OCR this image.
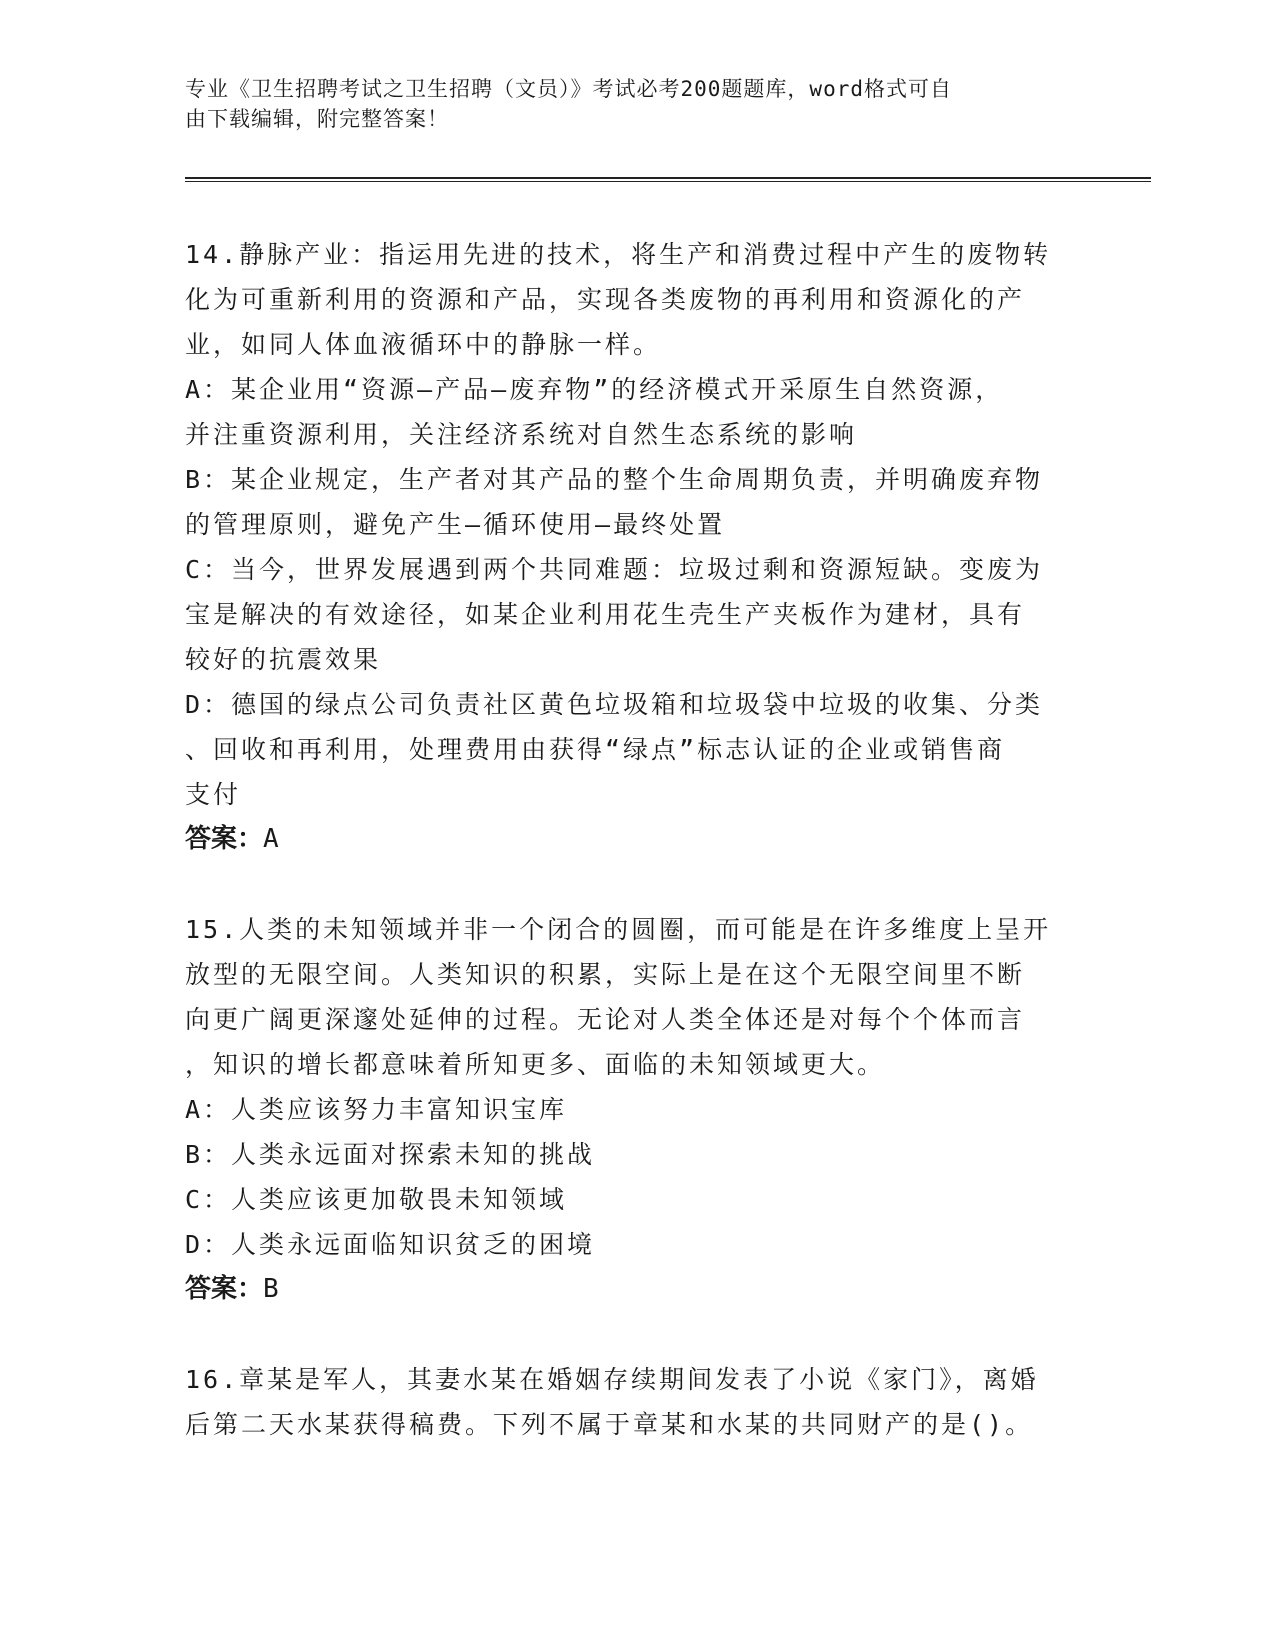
专业《卫生招聘考试之卫生招聘（文员）》考试必考200题题库，word格式可自
由下载编辑，附完整答案！
14.静脉产业：指运用先进的技术，将生产和消费过程中产生的废物转
化为可重新利用的资源和产品，实现各类废物的再利用和资源化的产
业，如同人体血液循环中的静脉一样。
A：某企业用“资源—产品—废弃物”的经济模式开采原生自然资源，
并注重资源利用，关注经济系统对自然生态系统的影响
B：某企业规定，生产者对其产品的整个生命周期负责，并明确废弃物
的管理原则，避免产生—循环使用—最终处置
C：当今，世界发展遇到两个共同难题：垃圾过剩和资源短缺。变废为
宝是解决的有效途径，如某企业利用花生壳生产夹板作为建材，具有
较好的抗震效果
D：德国的绿点公司负责社区黄色垃圾箱和垃圾袋中垃圾的收集、分类
、回收和再利用，处理费用由获得“绿点”标志认证的企业或销售商
支付
答案：A
15.人类的未知领域并非一个闭合的圆圈，而可能是在许多维度上呈开
放型的无限空间。人类知识的积累，实际上是在这个无限空间里不断
向更广阔更深邃处延伸的过程。无论对人类全体还是对每个个体而言
，知识的增长都意味着所知更多、面临的未知领域更大。
A：人类应该努力丰富知识宝库
B：人类永远面对探索未知的挑战
C：人类应该更加敬畏未知领域
D：人类永远面临知识贫乏的困境
答案：B
16.章某是军人，其妻水某在婚姻存续期间发表了小说《家门》，离婚
后第二天水某获得稿费。下列不属于章某和水某的共同财产的是()。
